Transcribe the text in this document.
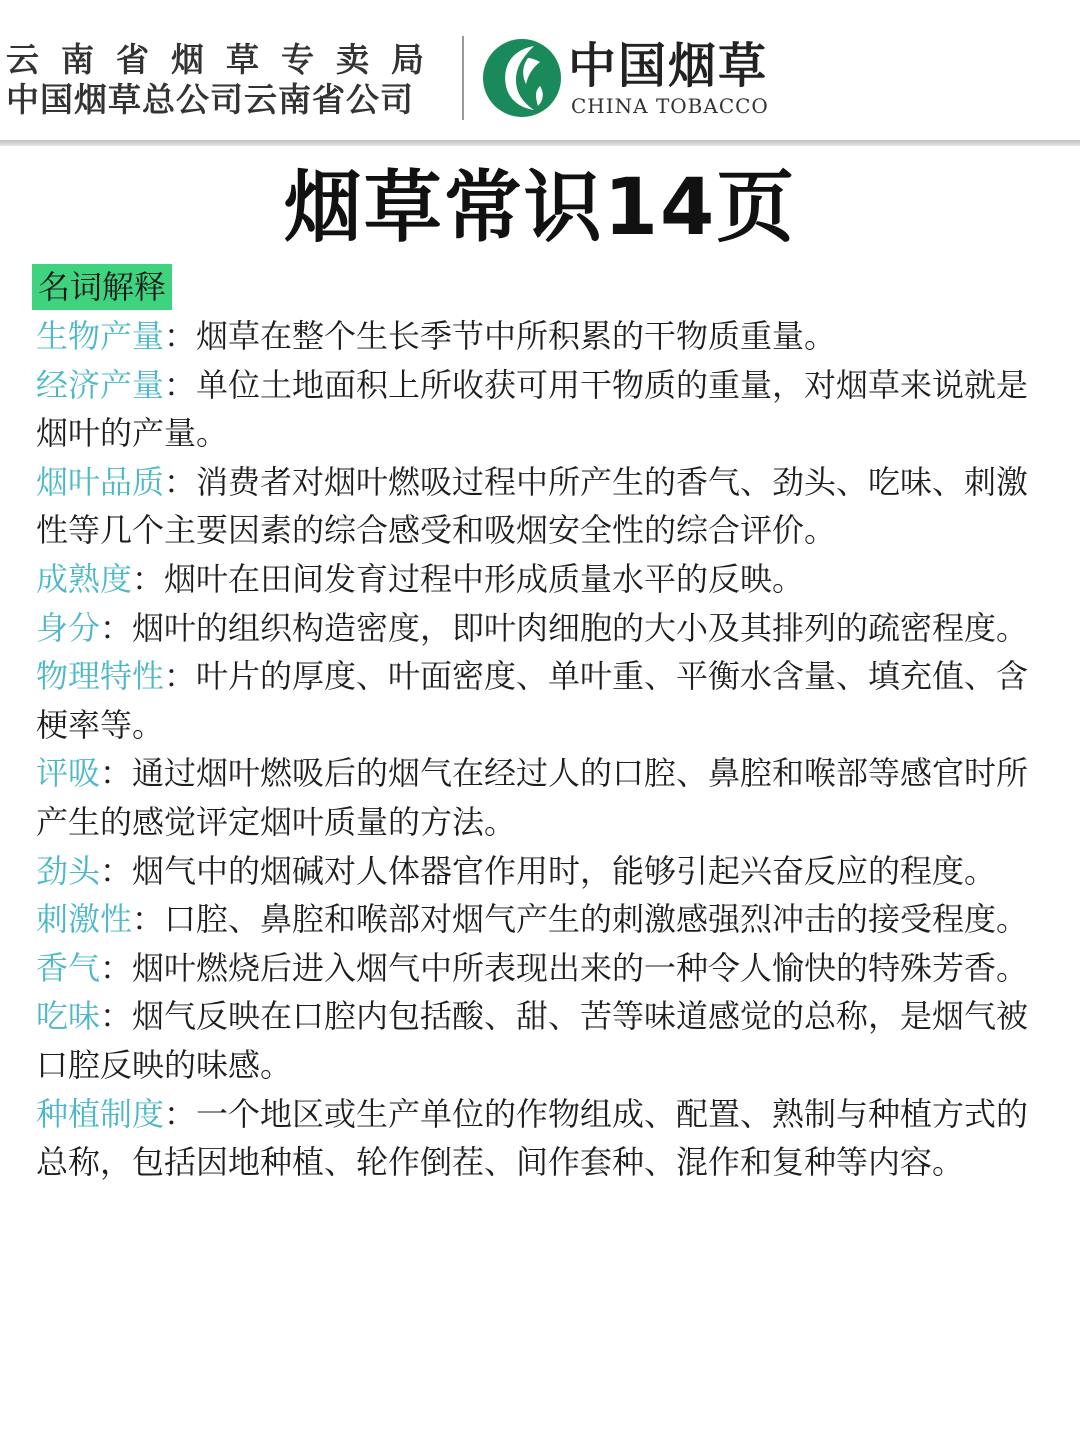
云南省烟草专卖局
中国烟草总公司云南省公司
中国烟草
CHINA TOBACCO
烟草常识14页
名词解释

生物产量：烟草在整个生长季节中所积累的干物质重量。

经济产量：单位土地面积上所收获可用干物质的重量，对烟草来说就是烟叶的产量。

烟叶品质：消费者对烟叶燃吸过程中所产生的香气、劲头、吃味、刺激性等几个主要因素的综合感受和吸烟安全性的综合评价。

成熟度：烟叶在田间发育过程中形成质量水平的反映。

身分：烟叶的组织构造密度，即叶肉细胞的大小及其排列的疏密程度。

物理特性：叶片的厚度、叶面密度、单叶重、平衡水含量、填充值、含梗率等。

评吸：通过烟叶燃吸后的烟气在经过人的口腔、鼻腔和喉部等感官时所产生的感觉评定烟叶质量的方法。

劲头：烟气中的烟碱对人体器官作用时，能够引起兴奋反应的程度。

刺激性：口腔、鼻腔和喉部对烟气产生的刺激感强烈冲击的接受程度。

香气：烟叶燃烧后进入烟气中所表现出来的一种令人愉快的特殊芳香。

吃味：烟气反映在口腔内包括酸、甜、苦等味道感觉的总称，是烟气被口腔反映的味感。

种植制度：一个地区或生产单位的作物组成、配置、熟制与种植方式的总称，包括因地种植、轮作倒茬、间作套种、混作和复种等内容。
